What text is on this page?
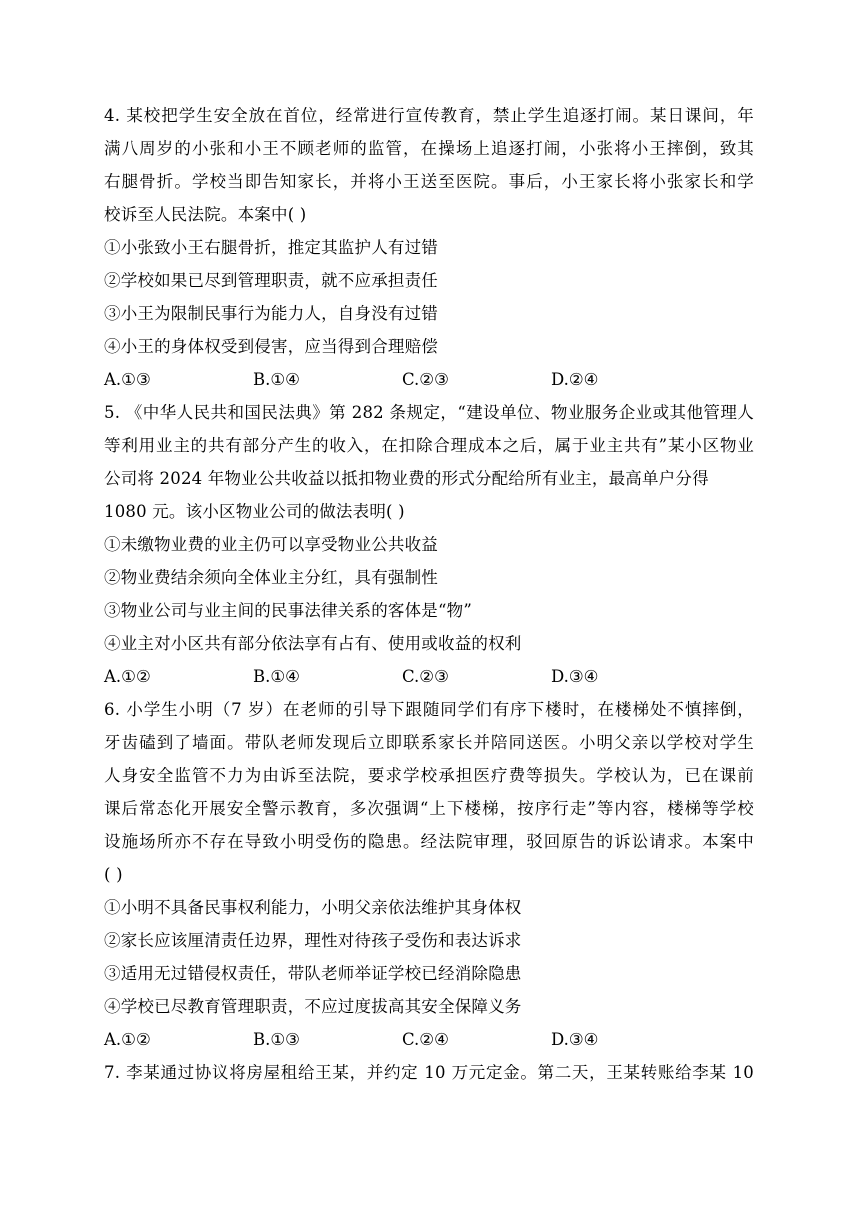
4. 某校把学生安全放在首位，经常进行宣传教育，禁止学生追逐打闹。某日课间，年
满八周岁的小张和小王不顾老师的监管，在操场上追逐打闹，小张将小王摔倒，致其
右腿骨折。学校当即告知家长，并将小王送至医院。事后，小王家长将小张家长和学
校诉至人民法院。本案中( )
①小张致小王右腿骨折，推定其监护人有过错
②学校如果已尽到管理职责，就不应承担责任
③小王为限制民事行为能力人，自身没有过错
④小王的身体权受到侵害，应当得到合理赔偿
A.①③	B.①④	C.②③	D.②④
5. 《中华人民共和国民法典》第 282 条规定，“建设单位、物业服务企业或其他管理人
等利用业主的共有部分产生的收入，在扣除合理成本之后，属于业主共有”某小区物业
公司将 2024 年物业公共收益以抵扣物业费的形式分配给所有业主，最高单户分得
1080 元。该小区物业公司的做法表明( )
①未缴物业费的业主仍可以享受物业公共收益
②物业费结余须向全体业主分红，具有强制性
③物业公司与业主间的民事法律关系的客体是“物”
④业主对小区共有部分依法享有占有、使用或收益的权利
A.①②	B.①④	C.②③	D.③④
6. 小学生小明（7 岁）在老师的引导下跟随同学们有序下楼时，在楼梯处不慎摔倒，
牙齿磕到了墙面。带队老师发现后立即联系家长并陪同送医。小明父亲以学校对学生
人身安全监管不力为由诉至法院，要求学校承担医疗费等损失。学校认为，已在课前
课后常态化开展安全警示教育，多次强调“上下楼梯，按序行走”等内容，楼梯等学校
设施场所亦不存在导致小明受伤的隐患。经法院审理，驳回原告的诉讼请求。本案中
( )
①小明不具备民事权利能力，小明父亲依法维护其身体权
②家长应该厘清责任边界，理性对待孩子受伤和表达诉求
③适用无过错侵权责任，带队老师举证学校已经消除隐患
④学校已尽教育管理职责，不应过度拔高其安全保障义务
A.①②	B.①③	C.②④	D.③④
7. 李某通过协议将房屋租给王某，并约定 10 万元定金。第二天，王某转账给李某 10
